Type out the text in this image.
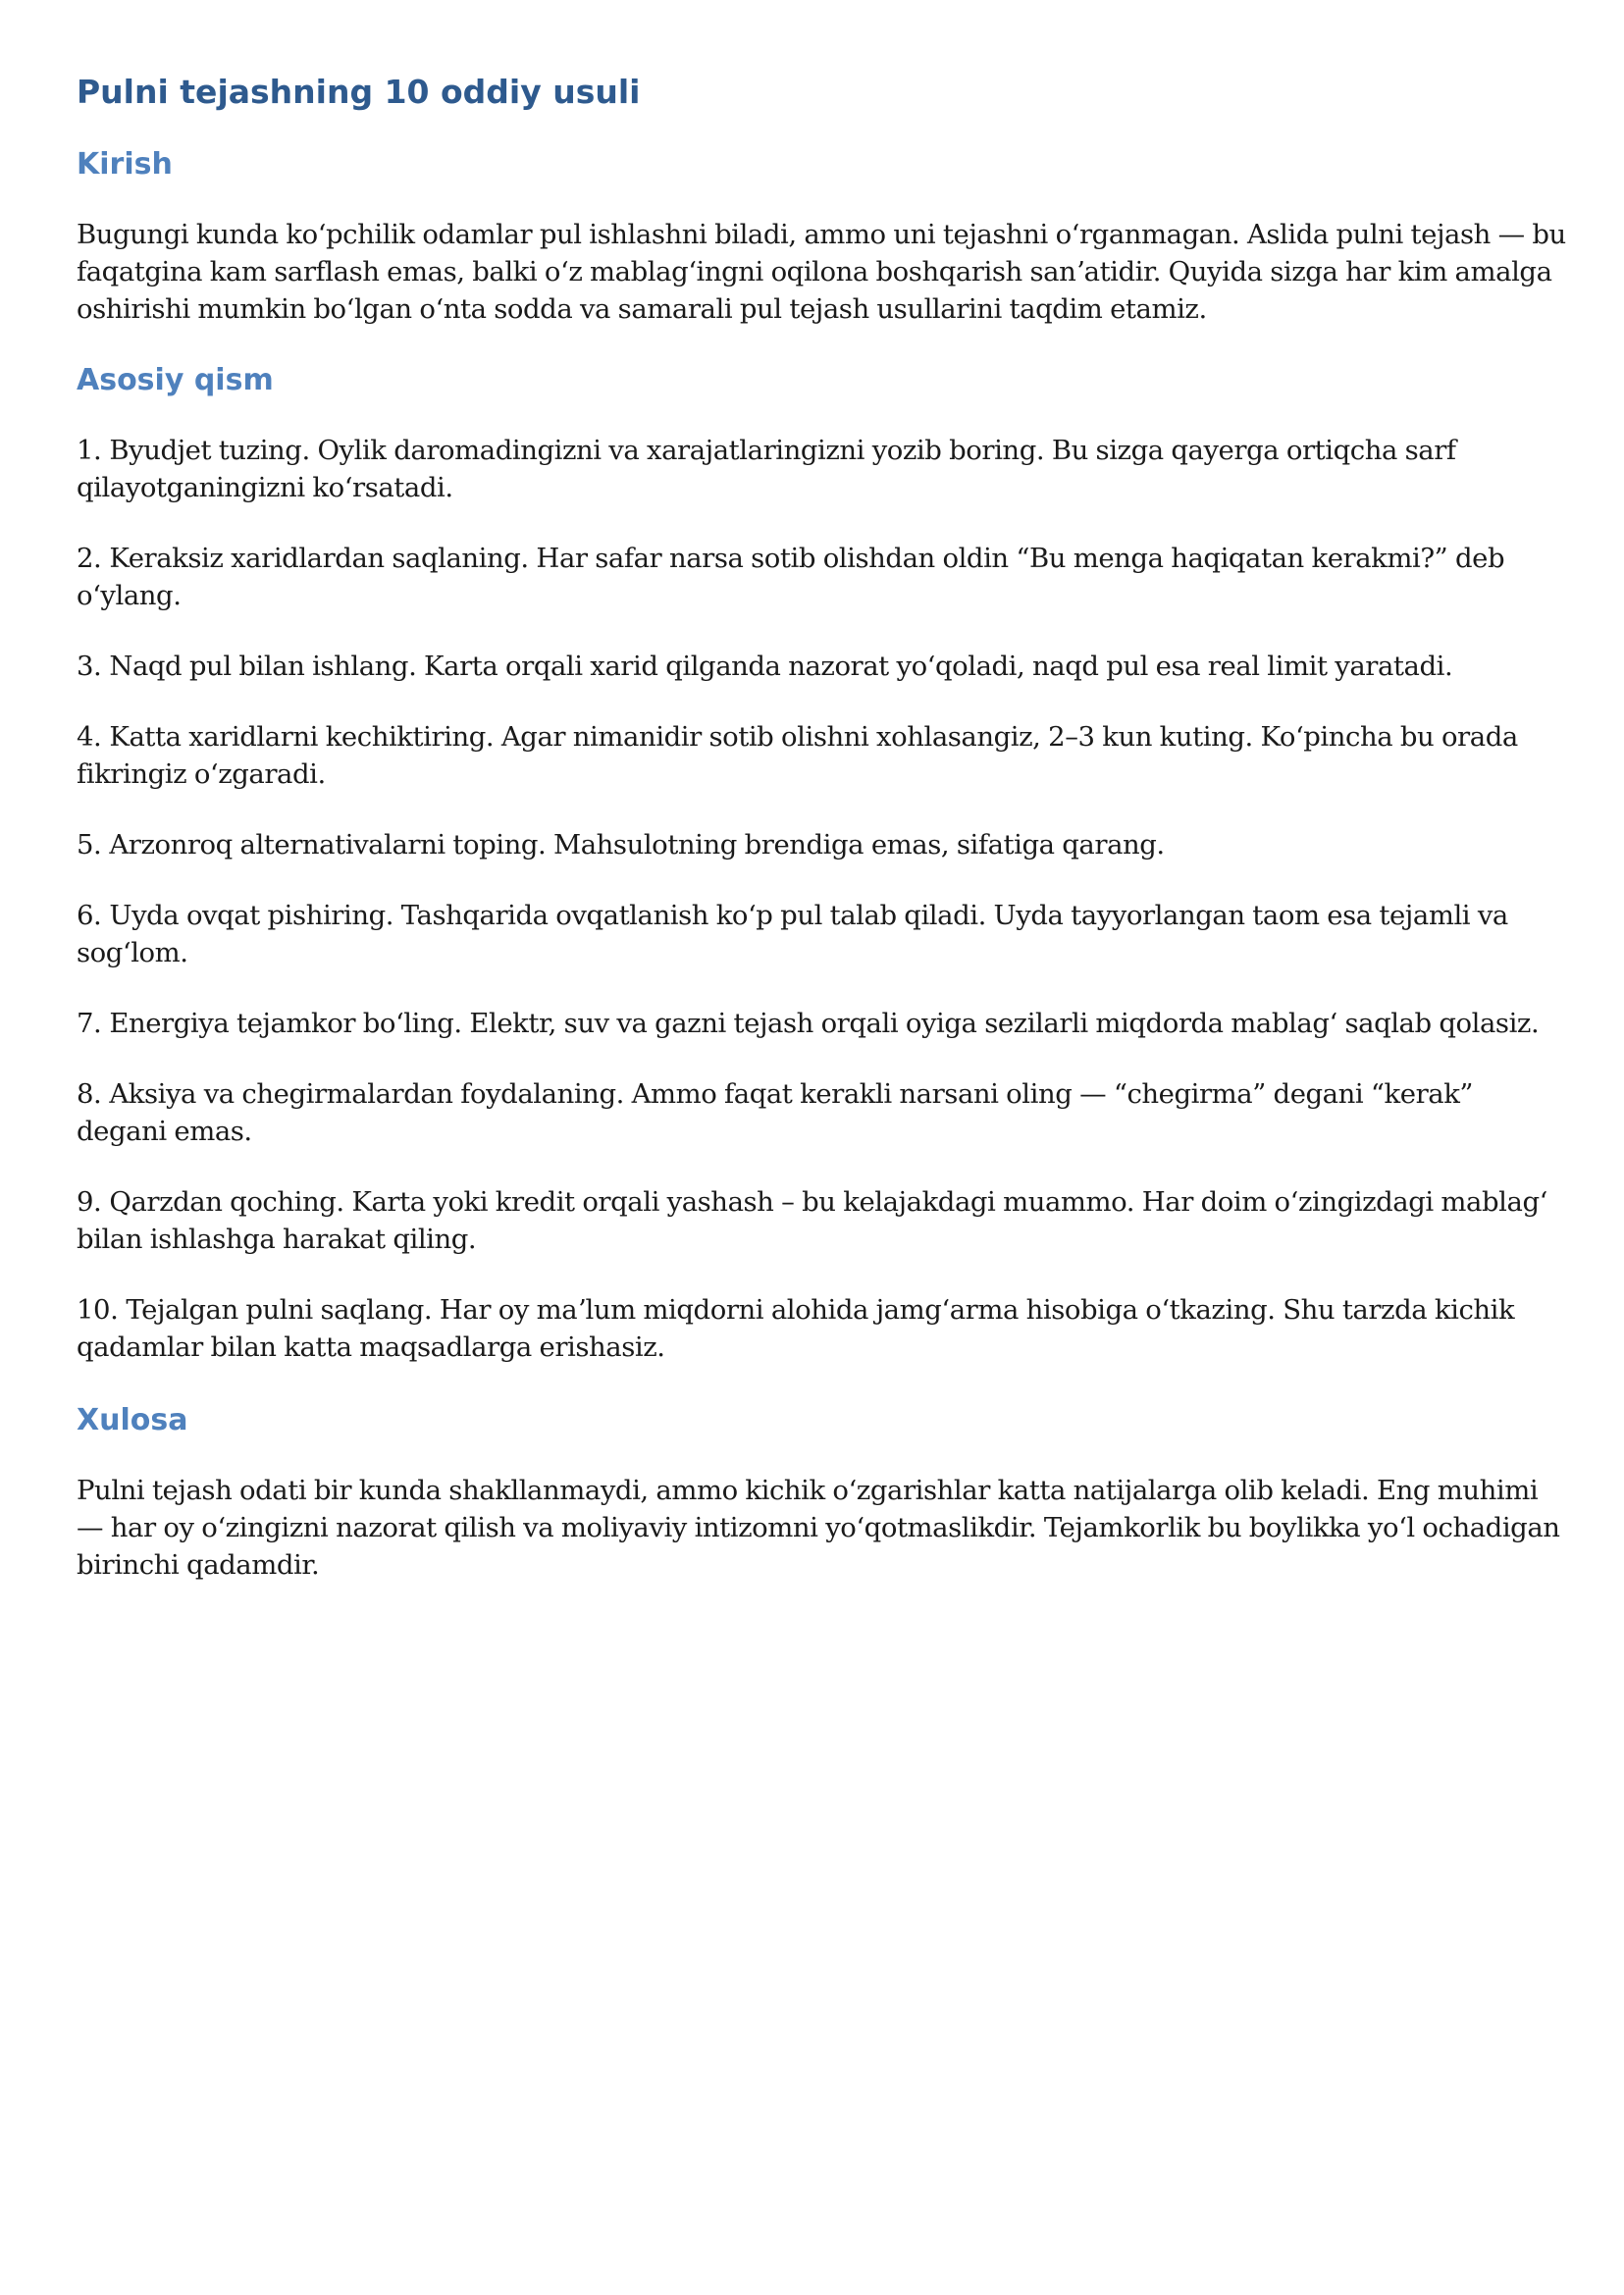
Pulni tejashning 10 oddiy usuli
Kirish

Bugungi kunda koʻpchilik odamlar pul ishlashni biladi, ammo uni tejashni oʻrganmagan. Aslida pulni tejash — bu faqatgina kam sarflash emas, balki oʻz mablagʻingni oqilona boshqarish sanʼatidir. Quyida sizga har kim amalga oshirishi mumkin boʻlgan oʻnta sodda va samarali pul tejash usullarini taqdim etamiz.

Asosiy qism

1. Byudjet tuzing. Oylik daromadingizni va xarajatlaringizni yozib boring. Bu sizga qayerga ortiqcha sarf qilayotganingizni koʻrsatadi.

2. Keraksiz xaridlardan saqlaning. Har safar narsa sotib olishdan oldin “Bu menga haqiqatan kerakmi?” deb oʻylang.

3. Naqd pul bilan ishlang. Karta orqali xarid qilganda nazorat yoʻqoladi, naqd pul esa real limit yaratadi.

4. Katta xaridlarni kechiktiring. Agar nimanidir sotib olishni xohlasangiz, 2–3 kun kuting. Koʻpincha bu orada fikringiz oʻzgaradi.

5. Arzonroq alternativalarni toping. Mahsulotning brendiga emas, sifatiga qarang.

6. Uyda ovqat pishiring. Tashqarida ovqatlanish koʻp pul talab qiladi. Uyda tayyorlangan taom esa tejamli va sogʻlom.

7. Energiya tejamkor boʻling. Elektr, suv va gazni tejash orqali oyiga sezilarli miqdorda mablagʻ saqlab qolasiz.

8. Aksiya va chegirmalardan foydalaning. Ammo faqat kerakli narsani oling — “chegirma” degani “kerak” degani emas.

9. Qarzdan qoching. Karta yoki kredit orqali yashash – bu kelajakdagi muammo. Har doim oʻzingizdagi mablagʻ bilan ishlashga harakat qiling.

10. Tejalgan pulni saqlang. Har oy maʼlum miqdorni alohida jamgʻarma hisobiga oʻtkazing. Shu tarzda kichik qadamlar bilan katta maqsadlarga erishasiz.

Xulosa

Pulni tejash odati bir kunda shakllanmaydi, ammo kichik oʻzgarishlar katta natijalarga olib keladi. Eng muhimi — har oy oʻzingizni nazorat qilish va moliyaviy intizomni yoʻqotmaslikdir. Tejamkorlik bu boylikka yoʻl ochadigan birinchi qadamdir.
